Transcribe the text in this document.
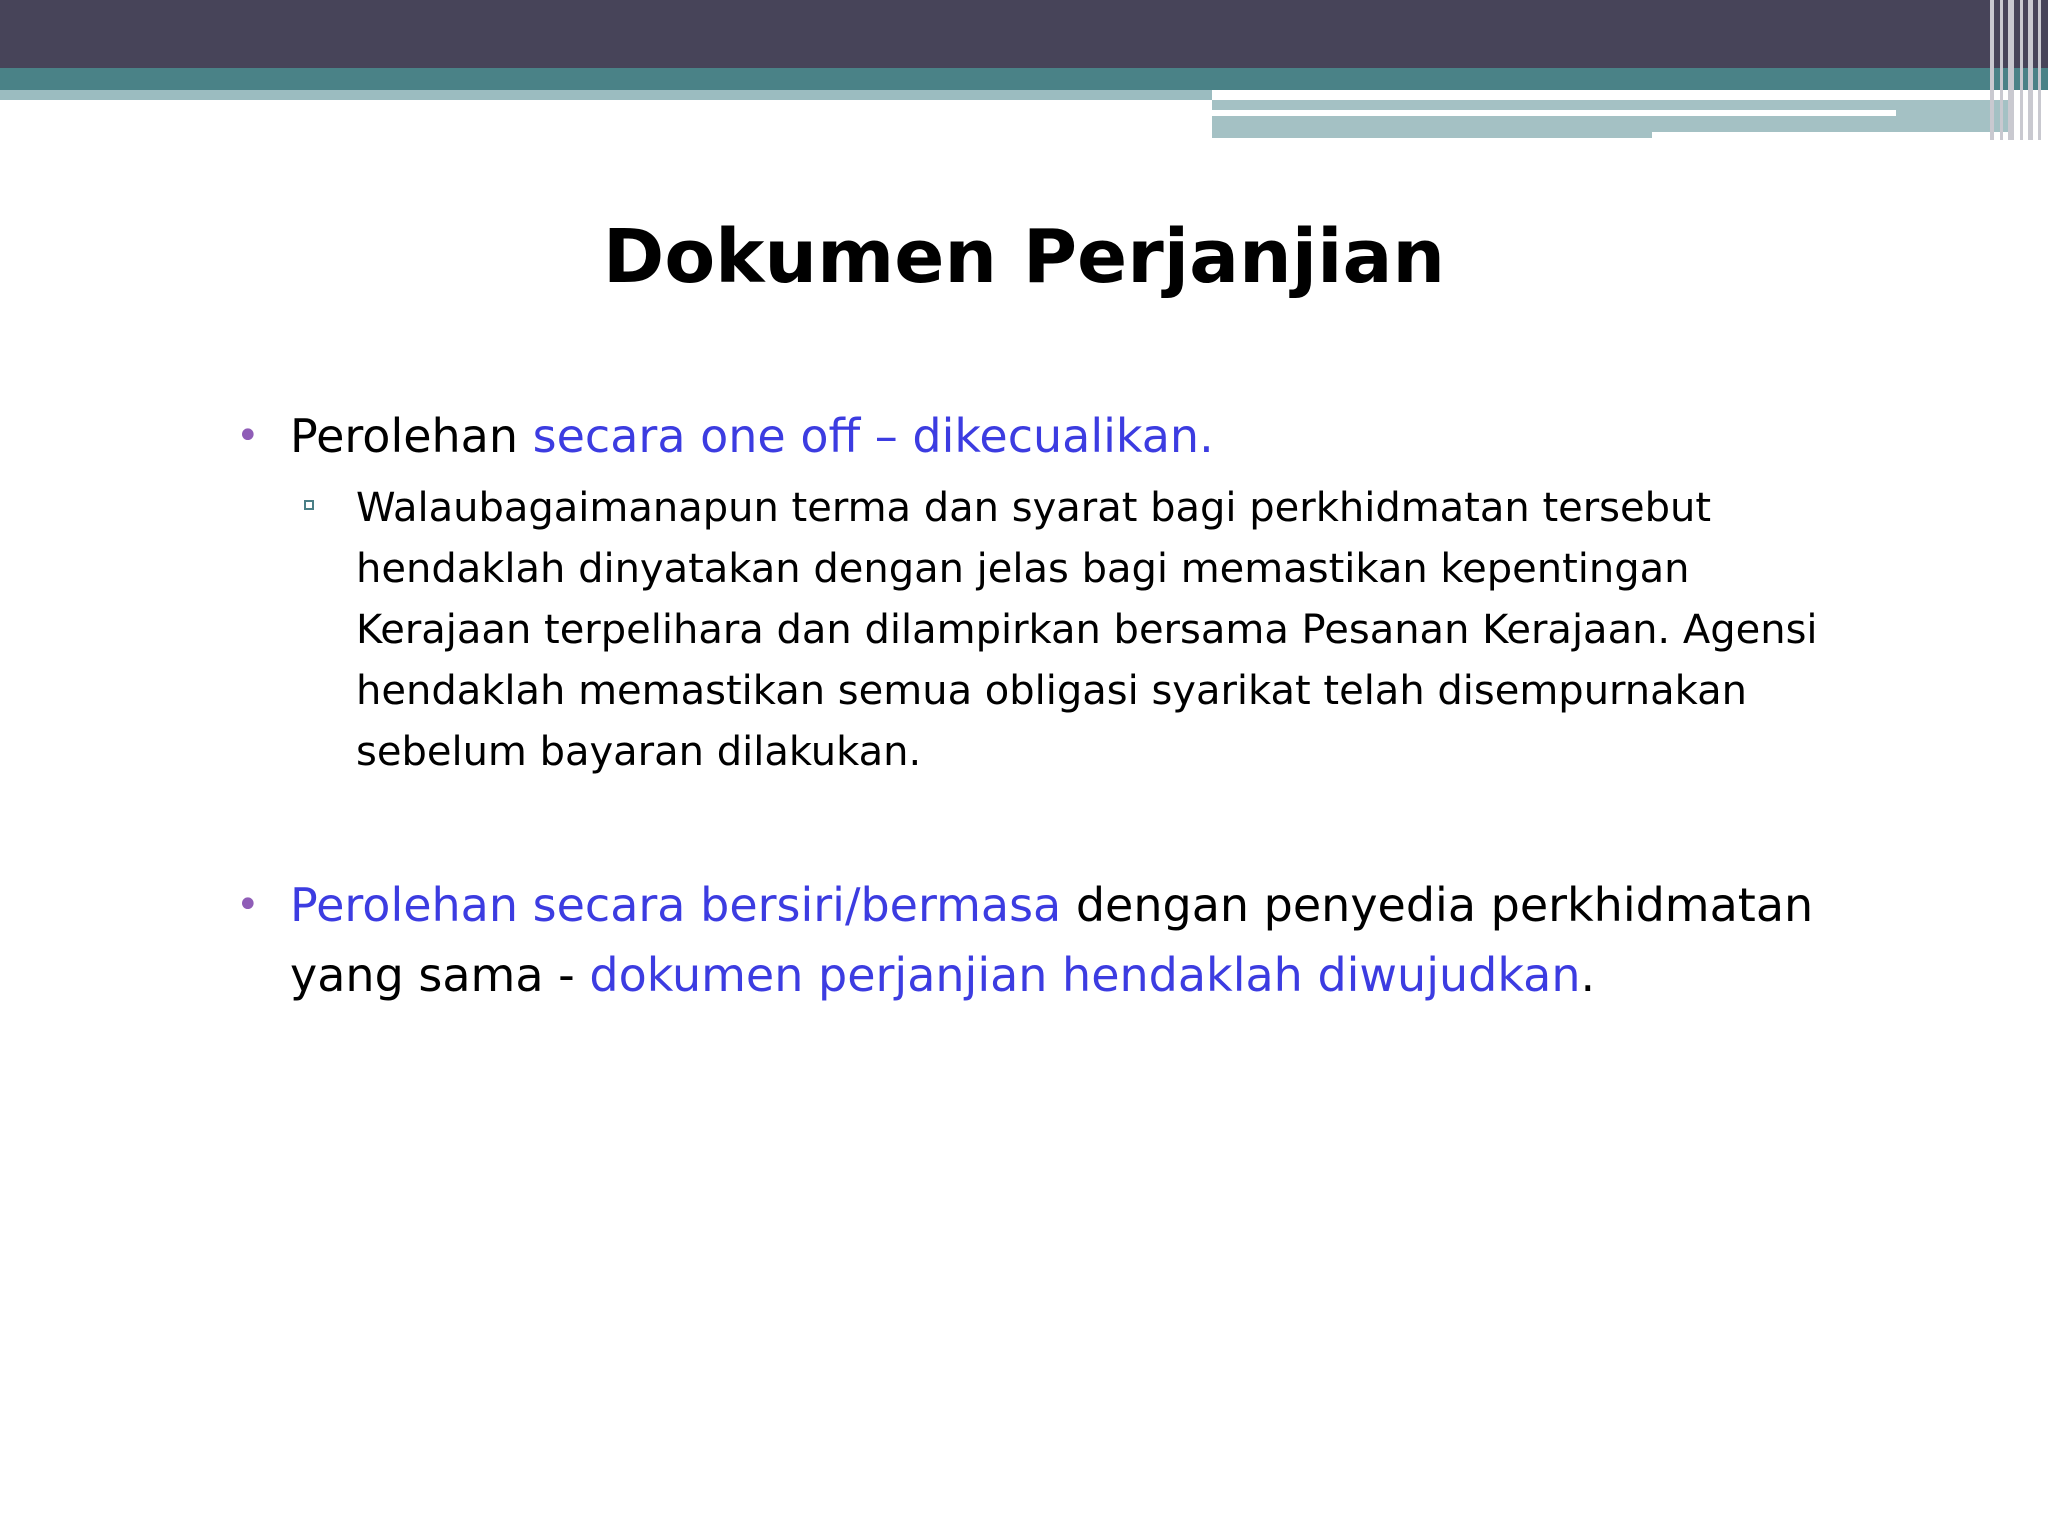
Dokumen Perjanjian
• Perolehan secara one off – dikecualikan.
Walaubagaimanapun terma dan syarat bagi perkhidmatan tersebut hendaklah dinyatakan dengan jelas bagi memastikan kepentingan Kerajaan terpelihara dan dilampirkan bersama Pesanan Kerajaan. Agensi hendaklah memastikan semua obligasi syarikat telah disempurnakan sebelum bayaran dilakukan.
• Perolehan secara bersiri/bermasa dengan penyedia perkhidmatan yang sama - dokumen perjanjian hendaklah diwujudkan.
